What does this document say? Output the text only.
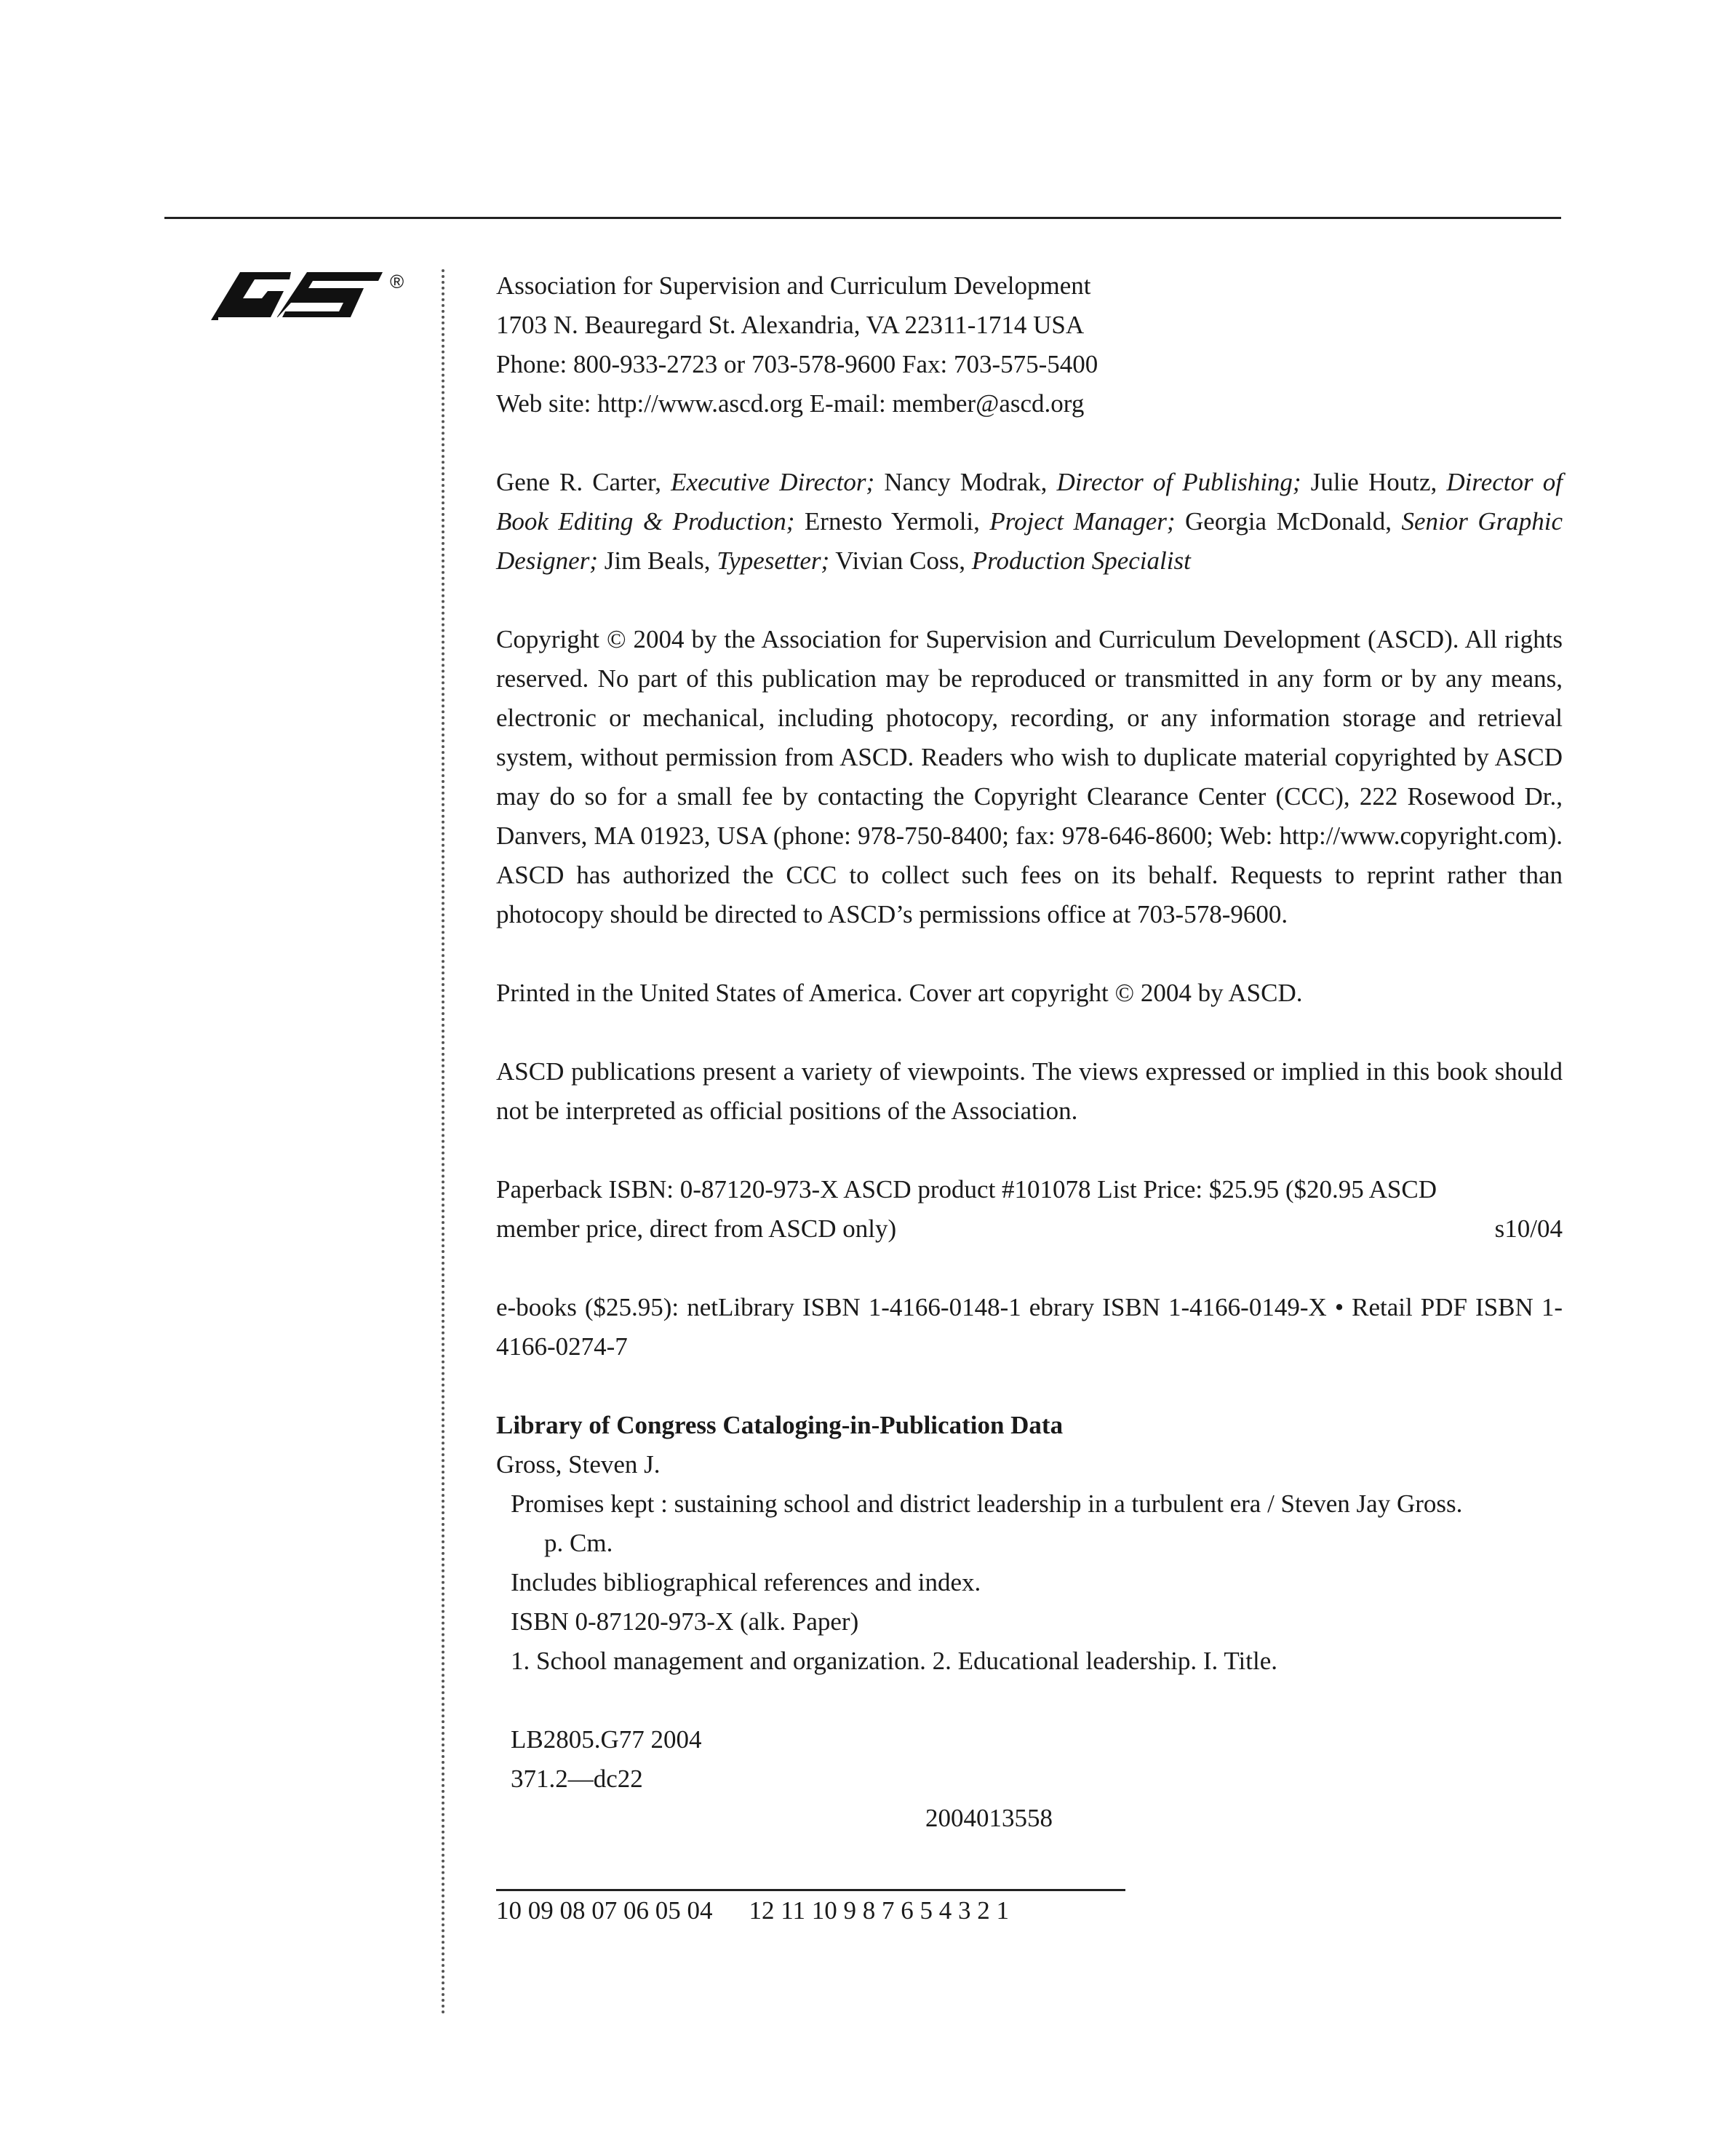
®	Association for Supervision and Curriculum Development

1703 N. Beauregard St. Alexandria, VA 22311-1714 USA

Phone: 800-933-2723 or 703-578-9600 Fax: 703-575-5400

Web site: http://www.ascd.org E-mail: member@ascd.org

Gene R. Carter, Executive Director; Nancy Modrak, Director of Publishing; Julie Houtz, Director of Book Editing & Production; Ernesto Yermoli, Project Manager; Georgia McDonald, Senior Graphic Designer; Jim Beals, Typesetter; Vivian Coss, Production Specialist

Copyright © 2004 by the Association for Supervision and Curriculum Development (ASCD). All rights reserved. No part of this publication may be reproduced or transmitted in any form or by any means, electronic or mechanical, including photocopy, recording, or any information storage and retrieval system, without permission from ASCD. Readers who wish to duplicate material copyrighted by ASCD may do so for a small fee by contacting the Copyright Clearance Center (CCC), 222 Rosewood Dr., Danvers, MA 01923, USA (phone: 978-750-8400; fax: 978-646-8600; Web: http://www.copyright.com). ASCD has authorized the CCC to collect such fees on its behalf. Requests to reprint rather than photocopy should be directed to ASCD’s permissions office at 703-578-9600.

Printed in the United States of America. Cover art copyright © 2004 by ASCD.

ASCD publications present a variety of viewpoints. The views expressed or implied in this book should not be interpreted as official positions of the Association.

Paperback ISBN: 0-87120-973-X ASCD product #101078 List Price: $25.95 ($20.95 ASCD

member price, direct from ASCD only)	s10/04

e-books ($25.95): netLibrary ISBN 1-4166-0148-1 ebrary ISBN 1-4166-0149-X • Retail PDF ISBN 1-4166-0274-7

Library of Congress Cataloging-in-Publication Data

Gross, Steven J.

Promises kept : sustaining school and district leadership in a turbulent era / Steven Jay Gross.

p. Cm.

Includes bibliographical references and index.

ISBN 0-87120-973-X (alk. Paper)

1. School management and organization. 2. Educational leadership. I. Title.

LB2805.G77 2004

371.2—dc22

2004013558

10 09 08 07 06 05 04 12 11 10 9 8 7 6 5 4 3 2 1
